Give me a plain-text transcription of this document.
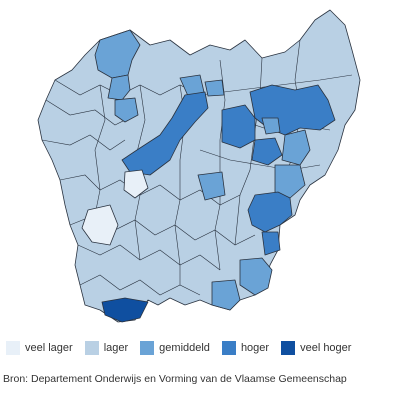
veel lager	lager	gemiddeld	hoger	veel hoger
Bron: Departement Onderwijs en Vorming van de Vlaamse Gemeenschap
